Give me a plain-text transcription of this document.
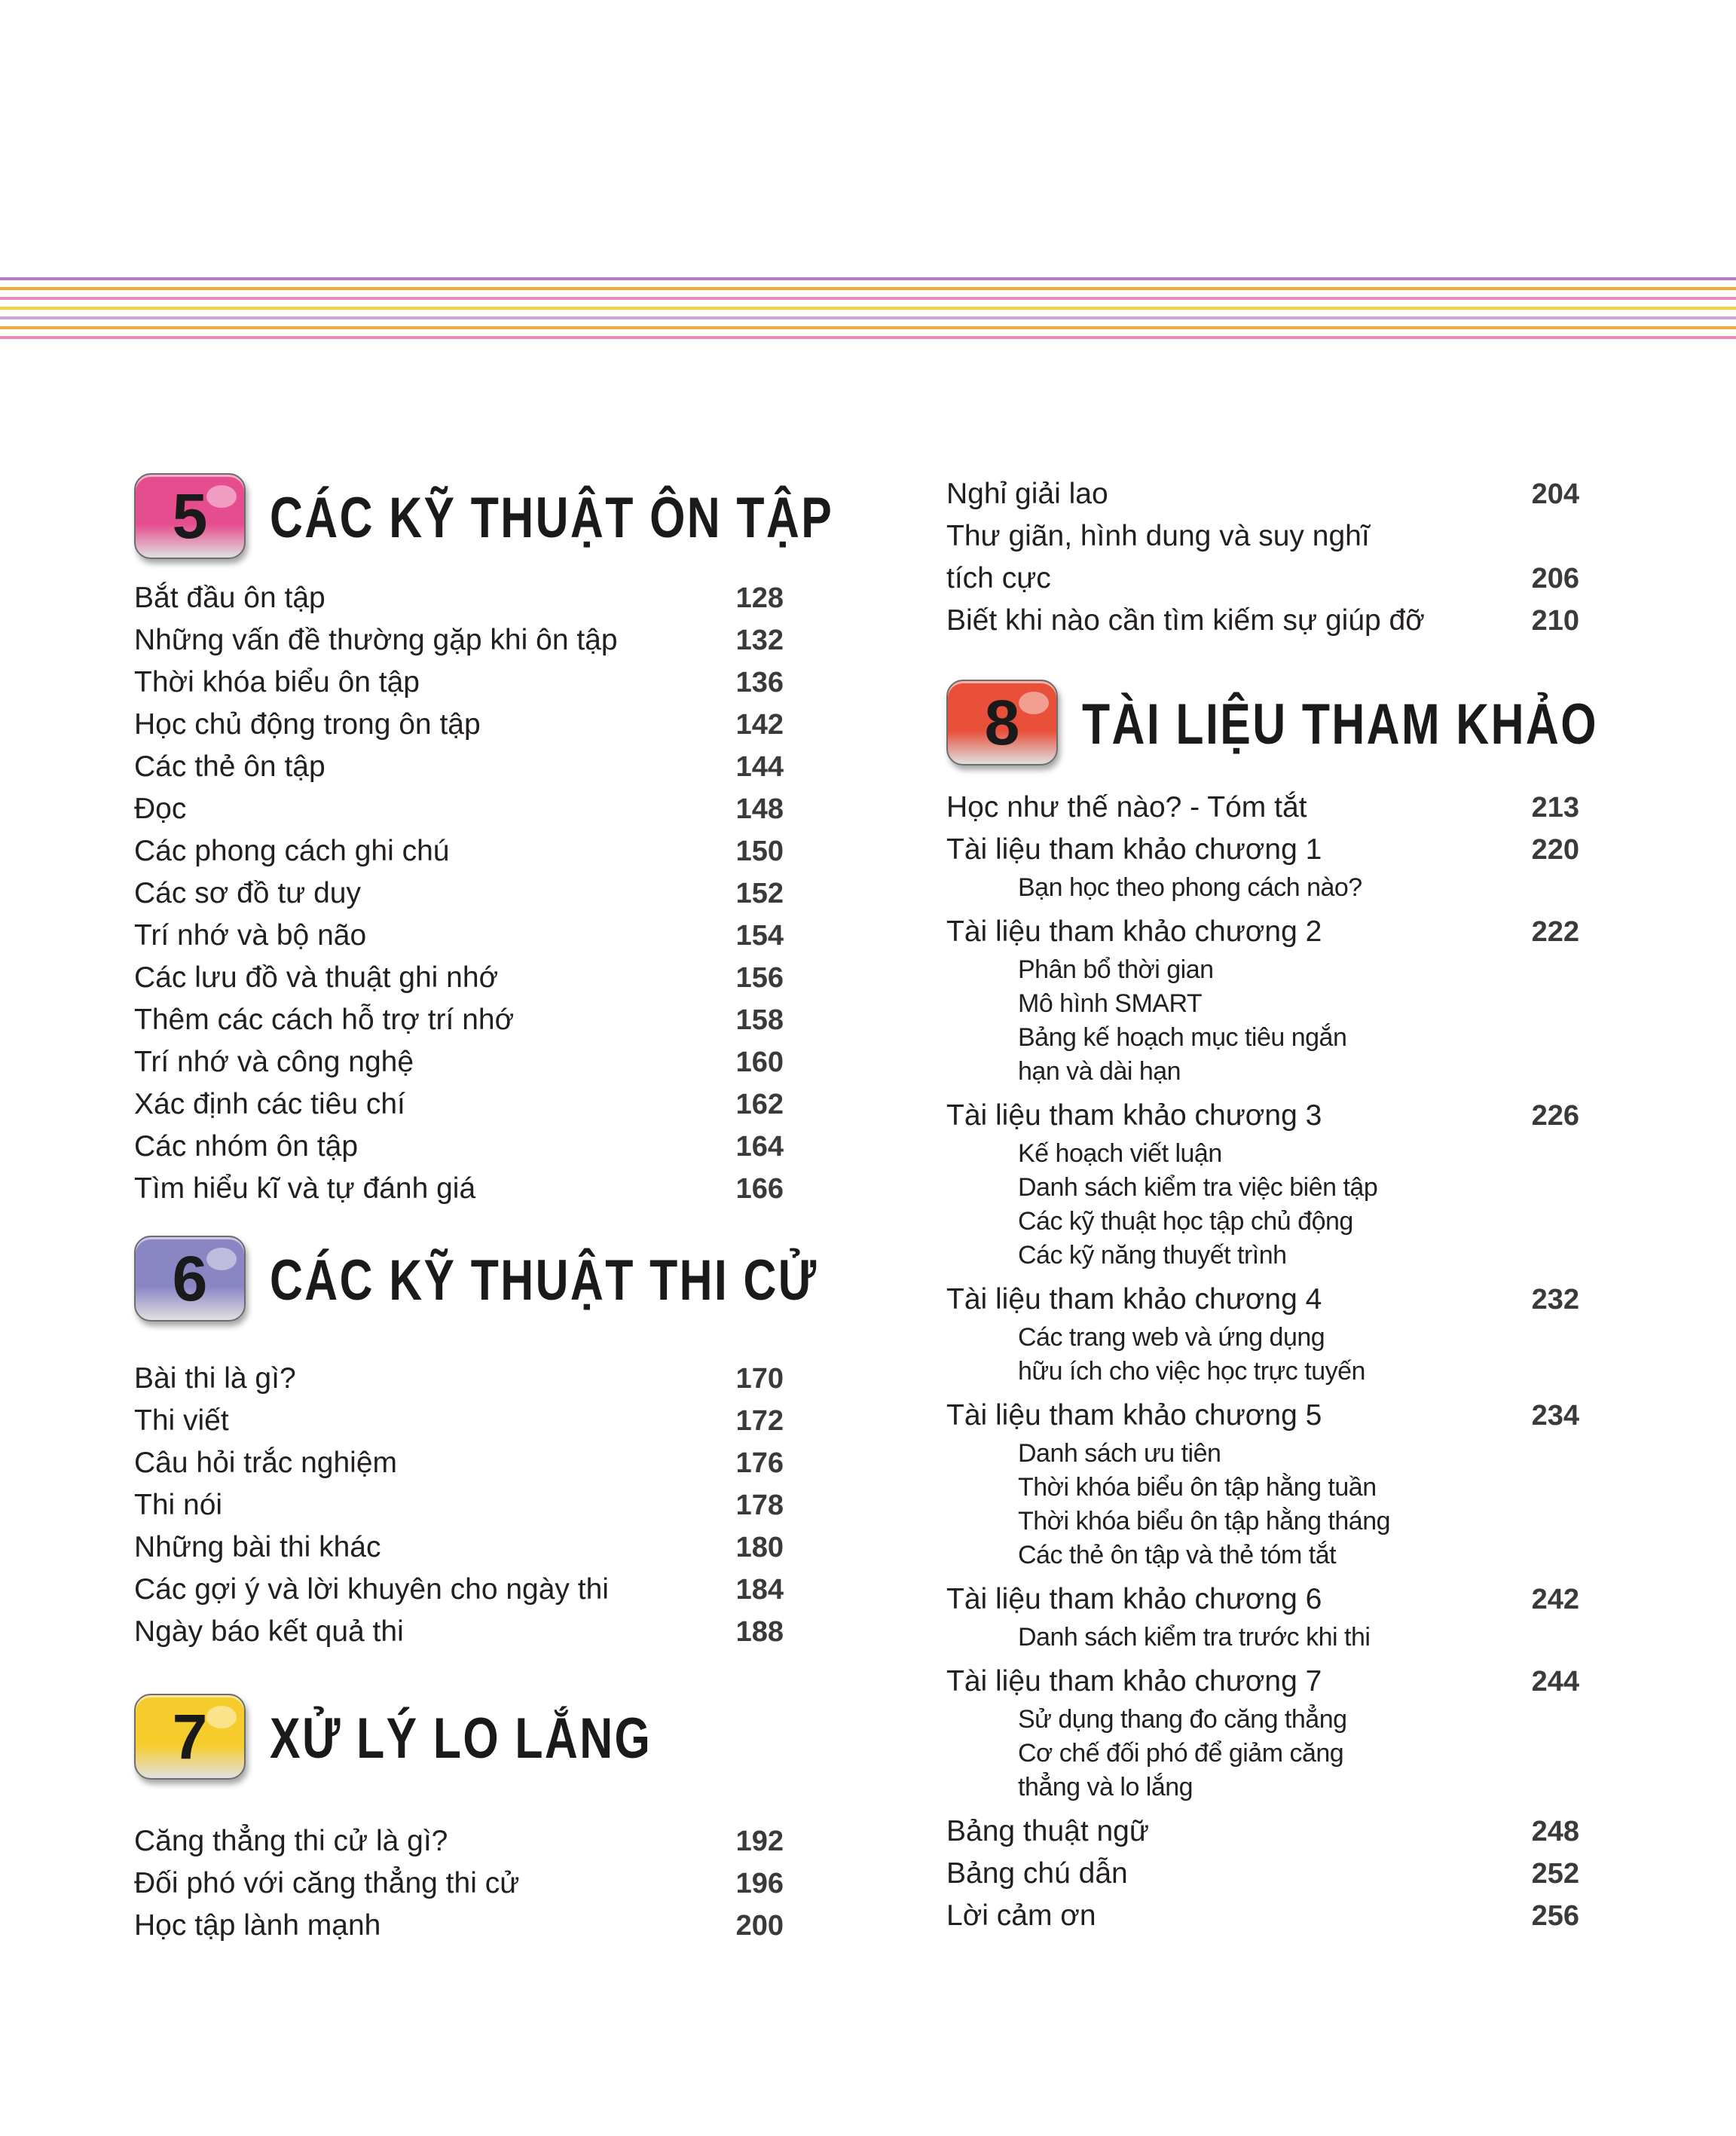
5	CÁC KỸ THUẬT ÔN TẬP
Bắt đầu ôn tập	128
Những vấn đề thường gặp khi ôn tập	132
Thời khóa biểu ôn tập	136
Học chủ động trong ôn tập	142
Các thẻ ôn tập	144
Đọc	148
Các phong cách ghi chú	150
Các sơ đồ tư duy	152
Trí nhớ và bộ não	154
Các lưu đồ và thuật ghi nhớ	156
Thêm các cách hỗ trợ trí nhớ	158
Trí nhớ và công nghệ	160
Xác định các tiêu chí	162
Các nhóm ôn tập	164
Tìm hiểu kĩ và tự đánh giá	166
6	CÁC KỸ THUẬT THI CỬ
Bài thi là gì?	170
Thi viết	172
Câu hỏi trắc nghiệm	176
Thi nói	178
Những bài thi khác	180
Các gợi ý và lời khuyên cho ngày thi	184
Ngày báo kết quả thi	188
7	XỬ LÝ LO LẮNG
Căng thẳng thi cử là gì?	192
Đối phó với căng thẳng thi cử	196
Học tập lành mạnh	200
Nghỉ giải lao	204
Thư giãn, hình dung và suy nghĩ
tích cực	206
Biết khi nào cần tìm kiếm sự giúp đỡ	210
8	TÀI LIỆU THAM KHẢO
Học như thế nào? - Tóm tắt	213
Tài liệu tham khảo chương 1	220
Bạn học theo phong cách nào?
Tài liệu tham khảo chương 2	222
Phân bổ thời gian
Mô hình SMART
Bảng kế hoạch mục tiêu ngắn
hạn và dài hạn
Tài liệu tham khảo chương 3	226
Kế hoạch viết luận
Danh sách kiểm tra việc biên tập
Các kỹ thuật học tập chủ động
Các kỹ năng thuyết trình
Tài liệu tham khảo chương 4	232
Các trang web và ứng dụng
hữu ích cho việc học trực tuyến
Tài liệu tham khảo chương 5	234
Danh sách ưu tiên
Thời khóa biểu ôn tập hằng tuần
Thời khóa biểu ôn tập hằng tháng
Các thẻ ôn tập và thẻ tóm tắt
Tài liệu tham khảo chương 6	242
Danh sách kiểm tra trước khi thi
Tài liệu tham khảo chương 7	244
Sử dụng thang đo căng thẳng
Cơ chế đối phó để giảm căng
thẳng và lo lắng
Bảng thuật ngữ	248
Bảng chú dẫn	252
Lời cảm ơn	256
